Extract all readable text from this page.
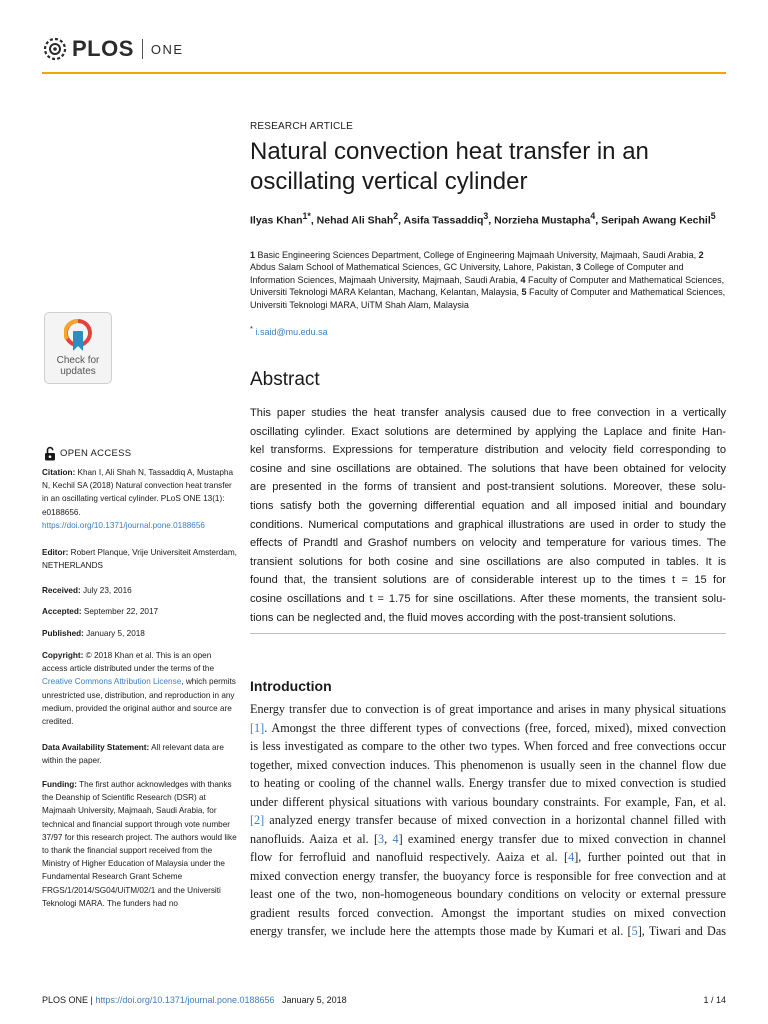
PLOS ONE
RESEARCH ARTICLE
Natural convection heat transfer in an
oscillating vertical cylinder
Ilyas Khan$^{1*}$, Nehad Ali Shah$^2$, Asifa Tassaddiq$^3$, Norzieha Mustapha$^4$, Seripah Awang Kechil$^5$
1 Basic Engineering Sciences Department, College of Engineering Majmaah University, Majmaah, Saudi Arabia, 2 Abdus Salam School of Mathematical Sciences, GC University, Lahore, Pakistan, 3 College of Computer and Information Sciences, Majmaah University, Majmaah, Saudi Arabia, 4 Faculty of Computer and Mathematical Sciences, Universiti Teknologi MARA Kelantan, Machang, Kelantan, Malaysia, 5 Faculty of Computer and Mathematical Sciences, Universiti Teknologi MARA, UiTM Shah Alam, Malaysia
* i.said@mu.edu.sa
Abstract
This paper studies the heat transfer analysis caused due to free convection in a vertically
oscillating cylinder. Exact solutions are determined by applying the Laplace and finite Han-
kel transforms. Expressions for temperature distribution and velocity field corresponding to
cosine and sine oscillations are obtained. The solutions that have been obtained for velocity
are presented in the forms of transient and post-transient solutions. Moreover, these solu-
tions satisfy both the governing differential equation and all imposed initial and boundary
conditions. Numerical computations and graphical illustrations are used in order to study the
effects of Prandtl and Grashof numbers on velocity and temperature for various times. The
transient solutions for both cosine and sine oscillations are also computed in tables. It is
found that, the transient solutions are of considerable interest up to the times t = 15 for
cosine oscillations and t = 1.75 for sine oscillations. After these moments, the transient solu-
tions can be neglected and, the fluid moves according with the post-transient solutions.
Introduction
Energy transfer due to convection is of great importance and arises in many physical situations
[1]. Amongst the three different types of convections (free, forced, mixed), mixed convection
is less investigated as compare to the other two types. When forced and free convections occur
together, mixed convection induces. This phenomenon is usually seen in the channel flow due
to heating or cooling of the channel walls. Energy transfer due to mixed convection is studied
under different physical situations with various boundary constraints. For example, Fan, et al.
[2] analyzed energy transfer because of mixed convection in a horizontal channel filled with
nanofluids. Aaiza et al. [3, 4] examined energy transfer due to mixed convection in channel
flow for ferrofluid and nanofluid respectively. Aaiza et al. [4], further pointed out that in
mixed convection energy transfer, the buoyancy force is responsible for free convection and at
least one of the two, non-homogeneous boundary conditions on velocity or external pressure
gradient results forced convection. Amongst the important studies on mixed convection
energy transfer, we include here the attempts those made by Kumari et al. [5], Tiwari and Das
Check for
updates
OPEN ACCESS
Citation: Khan I, Ali Shah N, Tassaddiq A, Mustapha N, Kechil SA (2018) Natural convection heat transfer in an oscillating vertical cylinder. PLoS ONE 13(1): e0188656. https://doi.org/10.1371/journal.pone.0188656
Editor: Robert Planque, Vrije Universiteit Amsterdam, NETHERLANDS
Received: July 23, 2016
Accepted: September 22, 2017
Published: January 5, 2018
Copyright: © 2018 Khan et al. This is an open access article distributed under the terms of the Creative Commons Attribution License, which permits unrestricted use, distribution, and reproduction in any medium, provided the original author and source are credited.
Data Availability Statement: All relevant data are within the paper.
Funding: The first author acknowledges with thanks the Deanship of Scientific Research (DSR) at Majmaah University, Majmaah, Saudi Arabia, for technical and financial support through vote number 37/97 for this research project. The authors would like to thank the financial support received from the Ministry of Higher Education of Malaysia under the Fundamental Research Grant Scheme FRGS/1/2014/SG04/UiTM/02/1 and the Universiti Teknologi MARA. The funders had no
PLOS ONE | https://doi.org/10.1371/journal.pone.0188656 January 5, 2018	1 / 14
